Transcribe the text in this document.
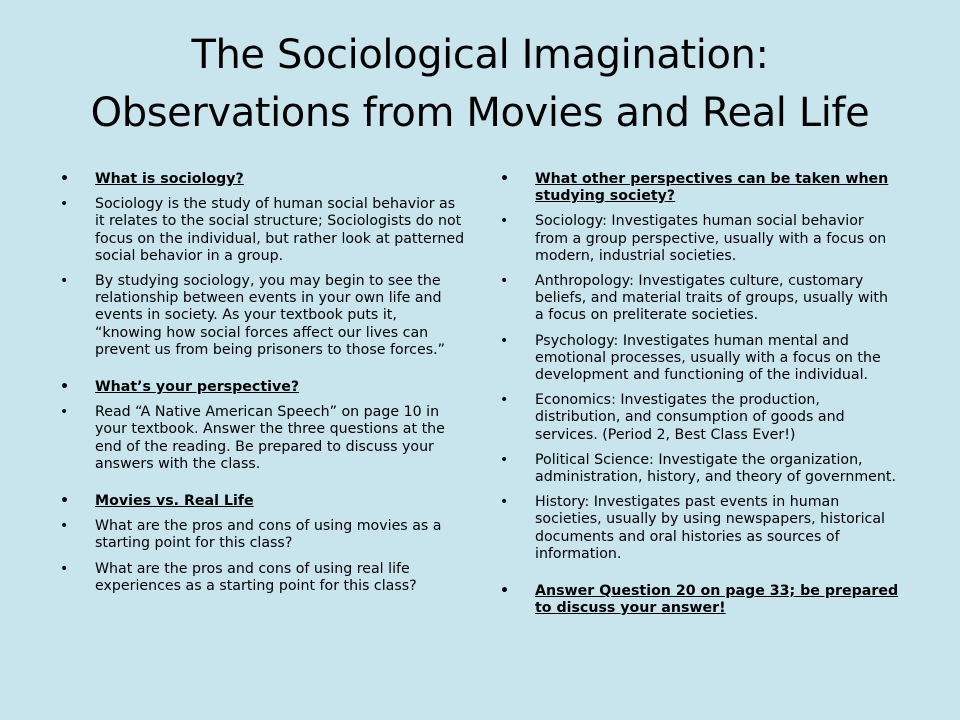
The Sociological Imagination:
Observations from Movies and Real Life
• What is sociology?
• Sociology is the study of human social behavior as it relates to the social structure; Sociologists do not focus on the individual, but rather look at patterned social behavior in a group.
• By studying sociology, you may begin to see the relationship between events in your own life and events in society. As your textbook puts it, “knowing how social forces affect our lives can prevent us from being prisoners to those forces.”
• What’s your perspective?
• Read “A Native American Speech” on page 10 in your textbook. Answer the three questions at the end of the reading. Be prepared to discuss your answers with the class.
• Movies vs. Real Life
• What are the pros and cons of using movies as a starting point for this class?
• What are the pros and cons of using real life experiences as a starting point for this class?
• What other perspectives can be taken when studying society?
• Sociology: Investigates human social behavior from a group perspective, usually with a focus on modern, industrial societies.
• Anthropology: Investigates culture, customary beliefs, and material traits of groups, usually with a focus on preliterate societies.
• Psychology: Investigates human mental and emotional processes, usually with a focus on the development and functioning of the individual.
• Economics: Investigates the production, distribution, and consumption of goods and services. (Period 2, Best Class Ever!)
• Political Science: Investigate the organization, administration, history, and theory of government.
• History: Investigates past events in human societies, usually by using newspapers, historical documents and oral histories as sources of information.
• Answer Question 20 on page 33; be prepared to discuss your answer!
